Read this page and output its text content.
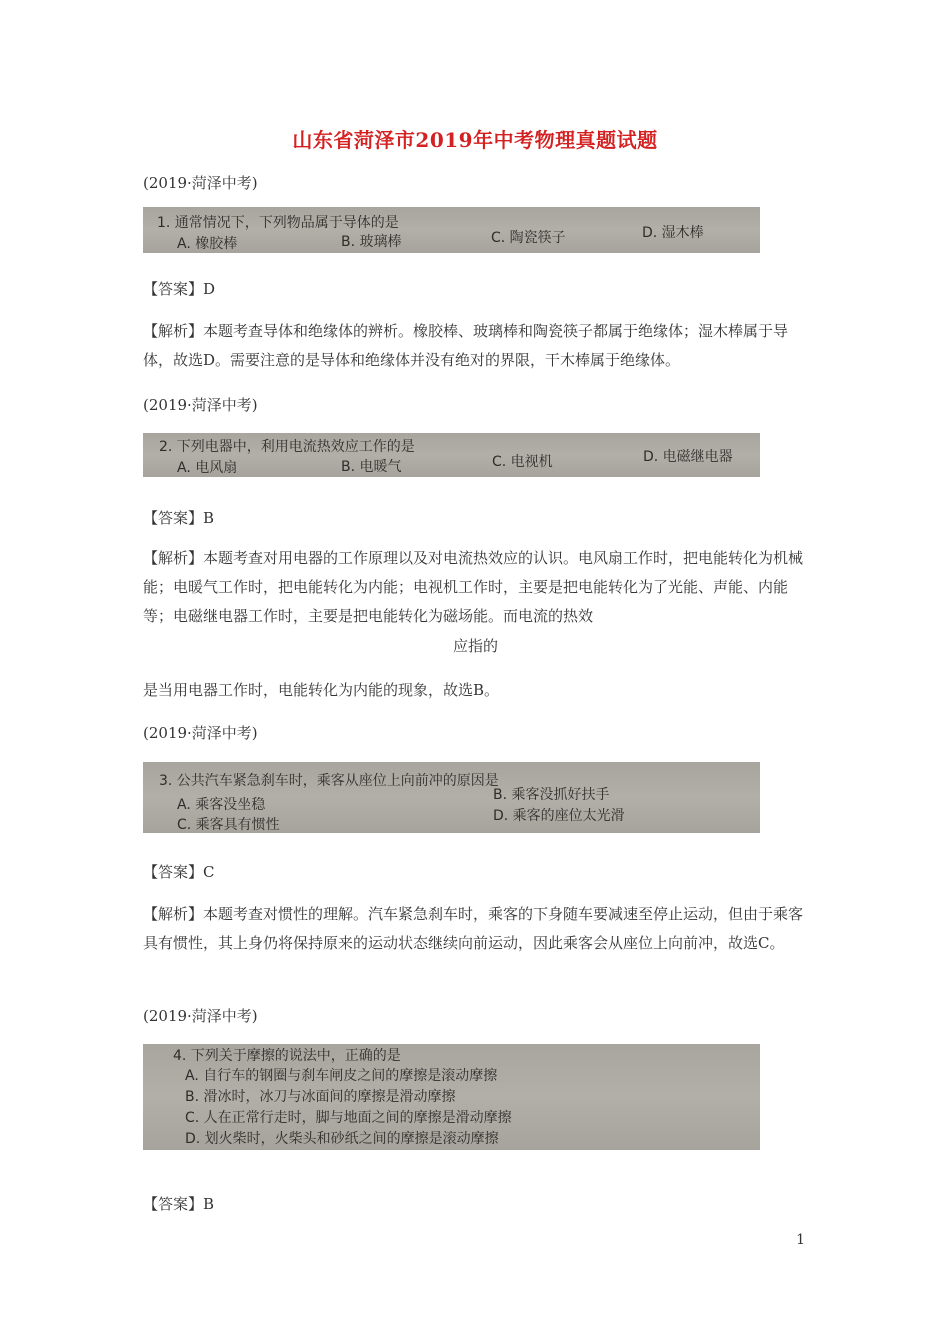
山东省菏泽市2019年中考物理真题试题
(2019·菏泽中考)
1. 通常情况下，下列物品属于导体的是
A. 橡胶棒	B. 玻璃棒	C. 陶瓷筷子	D. 湿木棒
【答案】D
【解析】本题考查导体和绝缘体的辨析。橡胶棒、玻璃棒和陶瓷筷子都属于绝缘体；湿木棒属于导体，故选D。需要注意的是导体和绝缘体并没有绝对的界限，干木棒属于绝缘体。
(2019·菏泽中考)
2. 下列电器中，利用电流热效应工作的是
A. 电风扇	B. 电暖气	C. 电视机	D. 电磁继电器
【答案】B
【解析】本题考查对用电器的工作原理以及对电流热效应的认识。电风扇工作时，把电能转化为机械能；电暖气工作时，把电能转化为内能；电视机工作时，主要是把电能转化为了光能、声能、内能等；电磁继电器工作时，主要是把电能转化为磁场能。而电流的热效
应指的
是当用电器工作时，电能转化为内能的现象，故选B。
(2019·菏泽中考)
3. 公共汽车紧急刹车时，乘客从座位上向前冲的原因是
A. 乘客没坐稳
B. 乘客没抓好扶手
C. 乘客具有惯性
D. 乘客的座位太光滑
【答案】C
【解析】本题考查对惯性的理解。汽车紧急刹车时，乘客的下身随车要减速至停止运动，但由于乘客具有惯性，其上身仍将保持原来的运动状态继续向前运动，因此乘客会从座位上向前冲，故选C。
(2019·菏泽中考)
4. 下列关于摩擦的说法中，正确的是
A. 自行车的钢圈与刹车闸皮之间的摩擦是滚动摩擦
B. 滑冰时，冰刀与冰面间的摩擦是滑动摩擦
C. 人在正常行走时，脚与地面之间的摩擦是滑动摩擦
D. 划火柴时，火柴头和砂纸之间的摩擦是滚动摩擦
【答案】B
1
